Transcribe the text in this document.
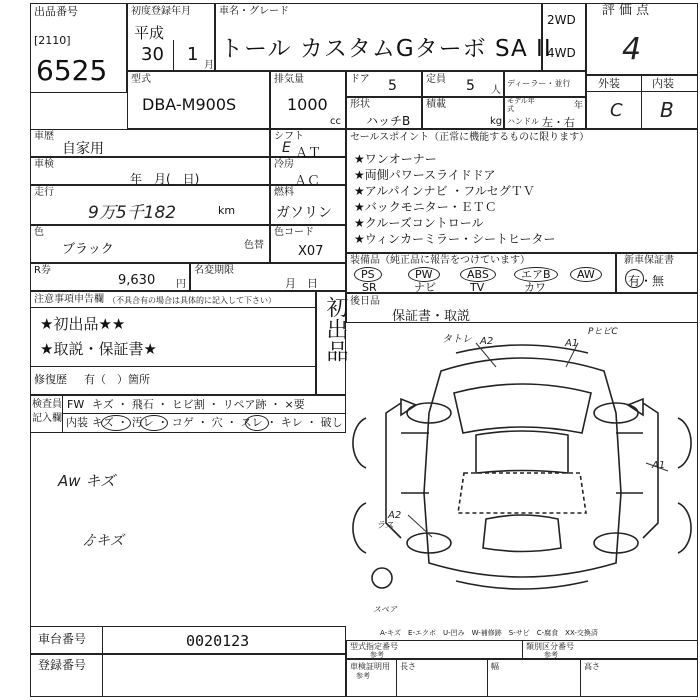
出品番号
[2110]
6525
初度登録年月
平成
30 1
月
車名・グレード
トール カスタムGターボ SA II
2WD
4WD
評価点
4
型式
DBA-M900S
排気量
1000
cc
ドア 5	定員 5 人
ディーラー・並行
形状
ハッチB
積載
kg
モデル年式	年
ハンドル 左・右
外装	内装
C B
車歴
自家用
車検
年　月(　日)
走行
9万5千182	km
色
ブラック	色替
シフト
E ＡＴ
冷房
ＡＣ
燃料
ガソリン
色コード
X07
R券
9,630 円
名変期限
月　日
セールスポイント（正常に機能するものに限ります）
★ワンオーナー
★両側パワースライドドア
★アルパインナビ ・フルセグＴＶ
★バックモニター・ＥＴＣ
★クルーズコントロール
★ウィンカーミラー・シートヒーター
装備品（純正品に報告をつけています）
PS	PW	ABS	エアB	AW
SR	ナビ	TV	カワ
新車保証書
有・無
注意事項申告欄 （不具合有の場合は具体的に記入して下さい）
★初出品★★
★取説・保証書★
修復歴 有（　）箇所
初出品 後日品
保証書・取説
検査員
記入欄
FW キズ ・ 飛石 ・ ヒビ割 ・ リペア跡 ・ ×要
内装 キズ ・ 汚レ ・ コゲ ・ 穴 ・ スレ ・ キレ ・ 破し
Aw キズ
ゟキズ
タトレ A2	A1
PヒビC
A1
A2
ラス
スペア
車台番号	0020123
登録番号
A-キズ　E-エクボ　U-凹み　W-補修跡　S-サビ　C-腐食　XX-交換済
型式指定番号
参考
類別区分番号
参考
車検証明用
参考
長さ	幅	高さ
